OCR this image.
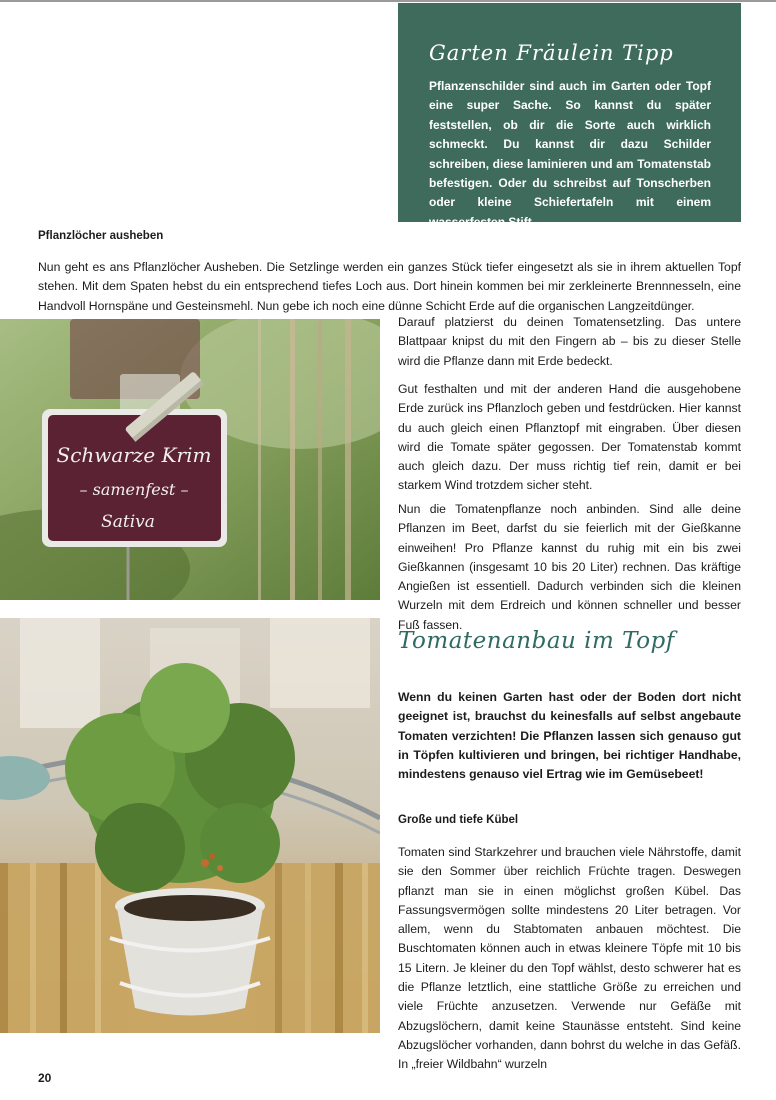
Garten Fräulein Tipp

Pflanzenschilder sind auch im Garten oder Topf eine super Sache. So kannst du später feststellen, ob dir die Sorte auch wirklich schmeckt. Du kannst dir dazu Schilder schreiben, diese laminieren und am Tomatenstab befestigen. Oder du schreibst auf Tonscherben oder kleine Schiefertafeln mit einem wasserfesten Stift.

Pflanzlöcher ausheben

Nun geht es ans Pflanzlöcher Ausheben. Die Setzlinge werden ein ganzes Stück tiefer eingesetzt als sie in ihrem aktuellen Topf stehen. Mit dem Spaten hebst du ein entsprechend tiefes Loch aus. Dort hinein kommen bei mir zerkleinerte Brennnesseln, eine Handvoll Hornspäne und Gesteinsmehl. Nun gebe ich noch eine dünne Schicht Erde auf die organischen Langzeitdünger.

Darauf platzierst du deinen Tomatensetzling. Das untere Blattpaar knipst du mit den Fingern ab – bis zu dieser Stelle wird die Pflanze dann mit Erde bedeckt.

Gut festhalten und mit der anderen Hand die ausgehobene Erde zurück ins Pflanzloch geben und festdrücken. Hier kannst du auch gleich einen Pflanztopf mit eingraben. Über diesen wird die Tomate später gegossen. Der Tomatenstab kommt auch gleich dazu. Der muss richtig tief rein, damit er bei starkem Wind trotzdem sicher steht.

Nun die Tomatenpflanze noch anbinden. Sind alle deine Pflanzen im Beet, darfst du sie feierlich mit der Gießkanne einweihen! Pro Pflanze kannst du ruhig mit ein bis zwei Gießkannen (insgesamt 10 bis 20 Liter) rechnen. Das kräftige Angießen ist essentiell. Dadurch verbinden sich die kleinen Wurzeln mit dem Erdreich und können schneller und besser Fuß fassen.

Schwarze Krim
– samenfest –
Sativa
Tomatenanbau im Topf

Wenn du keinen Garten hast oder der Boden dort nicht geeignet ist, brauchst du keinesfalls auf selbst angebaute Tomaten verzichten! Die Pflanzen lassen sich genauso gut in Töpfen kultivieren und bringen, bei richtiger Handhabe, mindestens genauso viel Ertrag wie im Gemüsebeet!

Große und tiefe Kübel

Tomaten sind Starkzehrer und brauchen viele Nährstoffe, damit sie den Sommer über reichlich Früchte tragen. Deswegen pflanzt man sie in einen möglichst großen Kübel. Das Fassungsvermögen sollte mindestens 20 Liter betragen. Vor allem, wenn du Stabtomaten anbauen möchtest. Die Buschtomaten können auch in etwas kleinere Töpfe mit 10 bis 15 Litern. Je kleiner du den Topf wählst, desto schwerer hat es die Pflanze letztlich, eine stattliche Größe zu erreichen und viele Früchte anzusetzen. Verwende nur Gefäße mit Abzugslöchern, damit keine Staunässe entsteht. Sind keine Abzugslöcher vorhanden, dann bohrst du welche in das Gefäß. In „freier Wildbahn“ wurzeln

20
